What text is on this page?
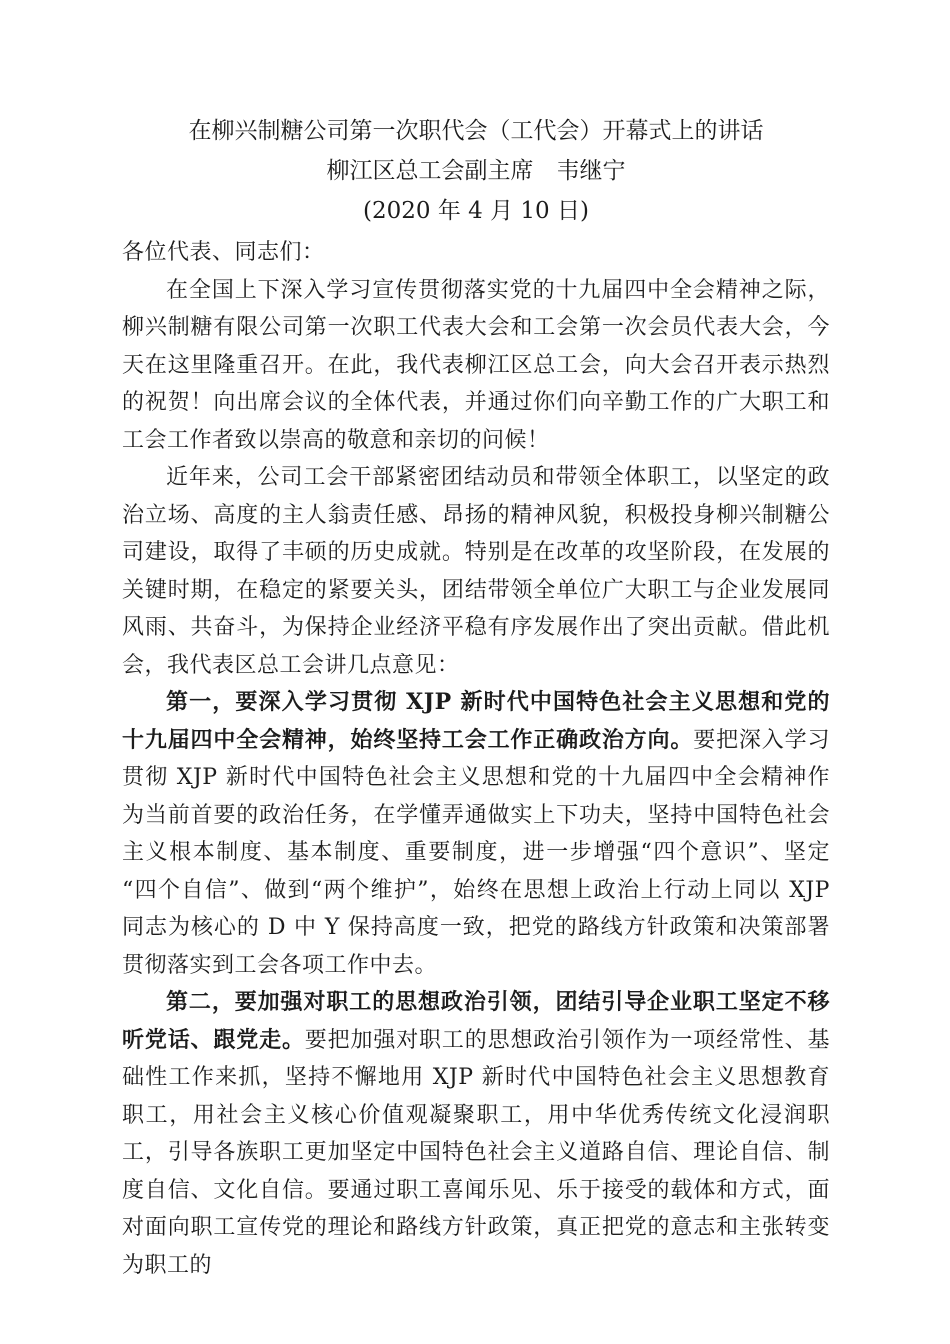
在柳兴制糖公司第一次职代会（工代会）开幕式上的讲话
柳江区总工会副主席　韦继宁
(2020 年 4 月 10 日)

各位代表、同志们：

在全国上下深入学习宣传贯彻落实党的十九届四中全会精神之际，柳兴制糖有限公司第一次职工代表大会和工会第一次会员代表大会，今天在这里隆重召开。在此，我代表柳江区总工会，向大会召开表示热烈的祝贺！向出席会议的全体代表，并通过你们向辛勤工作的广大职工和工会工作者致以崇高的敬意和亲切的问候！

近年来，公司工会干部紧密团结动员和带领全体职工，以坚定的政治立场、高度的主人翁责任感、昂扬的精神风貌，积极投身柳兴制糖公司建设，取得了丰硕的历史成就。特别是在改革的攻坚阶段，在发展的关键时期，在稳定的紧要关头，团结带领全单位广大职工与企业发展同风雨、共奋斗，为保持企业经济平稳有序发展作出了突出贡献。借此机会，我代表区总工会讲几点意见：

第一，要深入学习贯彻 XJP 新时代中国特色社会主义思想和党的十九届四中全会精神，始终坚持工会工作正确政治方向。要把深入学习贯彻 XJP 新时代中国特色社会主义思想和党的十九届四中全会精神作为当前首要的政治任务，在学懂弄通做实上下功夫，坚持中国特色社会主义根本制度、基本制度、重要制度，进一步增强“四个意识”、坚定“四个自信”、做到“两个维护”，始终在思想上政治上行动上同以 XJP 同志为核心的 D 中 Y 保持高度一致，把党的路线方针政策和决策部署贯彻落实到工会各项工作中去。

第二，要加强对职工的思想政治引领，团结引导企业职工坚定不移听党话、跟党走。要把加强对职工的思想政治引领作为一项经常性、基础性工作来抓，坚持不懈地用 XJP 新时代中国特色社会主义思想教育职工，用社会主义核心价值观凝聚职工，用中华优秀传统文化浸润职工，引导各族职工更加坚定中国特色社会主义道路自信、理论自信、制度自信、文化自信。要通过职工喜闻乐见、乐于接受的载体和方式，面对面向职工宣传党的理论和路线方针政策，真正把党的意志和主张转变为职工的
